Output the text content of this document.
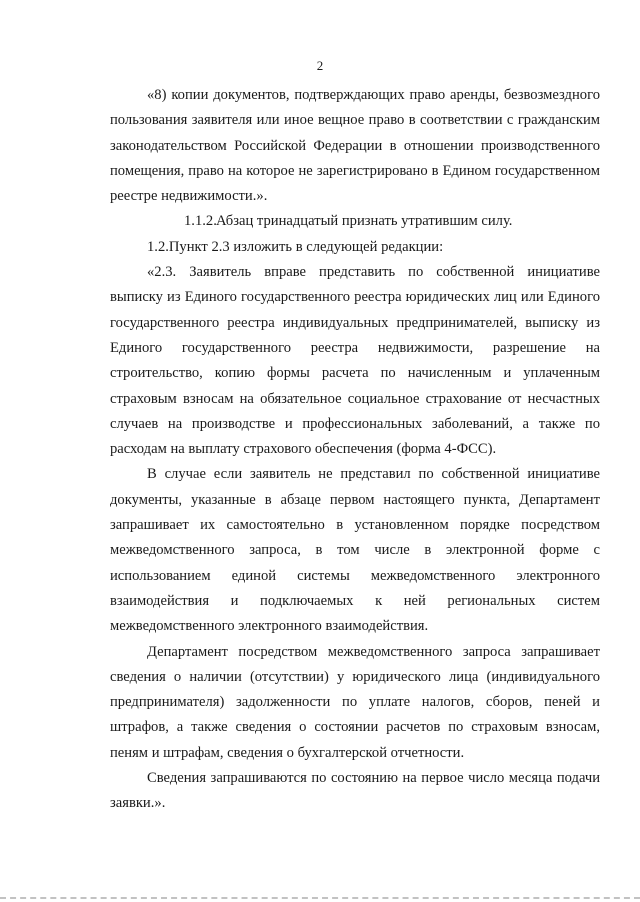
2

«8) копии документов, подтверждающих право аренды, безвозмездного пользования заявителя или иное вещное право в соответствии с гражданским законодательством Российской Федерации в отношении производственного помещения, право на которое не зарегистрировано в Едином государственном реестре недвижимости.».

1.1.2.Абзац тринадцатый признать утратившим силу.

1.2.Пункт 2.3 изложить в следующей редакции:

«2.3. Заявитель вправе представить по собственной инициативе выписку из Единого государственного реестра юридических лиц или Единого государственного реестра индивидуальных предпринимателей, выписку из Единого государственного реестра недвижимости, разрешение на строительство, копию формы расчета по начисленным и уплаченным страховым взносам на обязательное социальное страхование от несчастных случаев на производстве и профессиональных заболеваний, а также по расходам на выплату страхового обеспечения (форма 4-ФСС).

В случае если заявитель не представил по собственной инициативе документы, указанные в абзаце первом настоящего пункта, Департамент запрашивает их самостоятельно в установленном порядке посредством межведомственного запроса, в том числе в электронной форме с использованием единой системы межведомственного электронного взаимодействия и подключаемых к ней региональных систем межведомственного электронного взаимодействия.

Департамент посредством межведомственного запроса запрашивает сведения о наличии (отсутствии) у юридического лица (индивидуального предпринимателя) задолженности по уплате налогов, сборов, пеней и штрафов, а также сведения о состоянии расчетов по страховым взносам, пеням и штрафам, сведения о бухгалтерской отчетности.

Сведения запрашиваются по состоянию на первое число месяца подачи заявки.».
